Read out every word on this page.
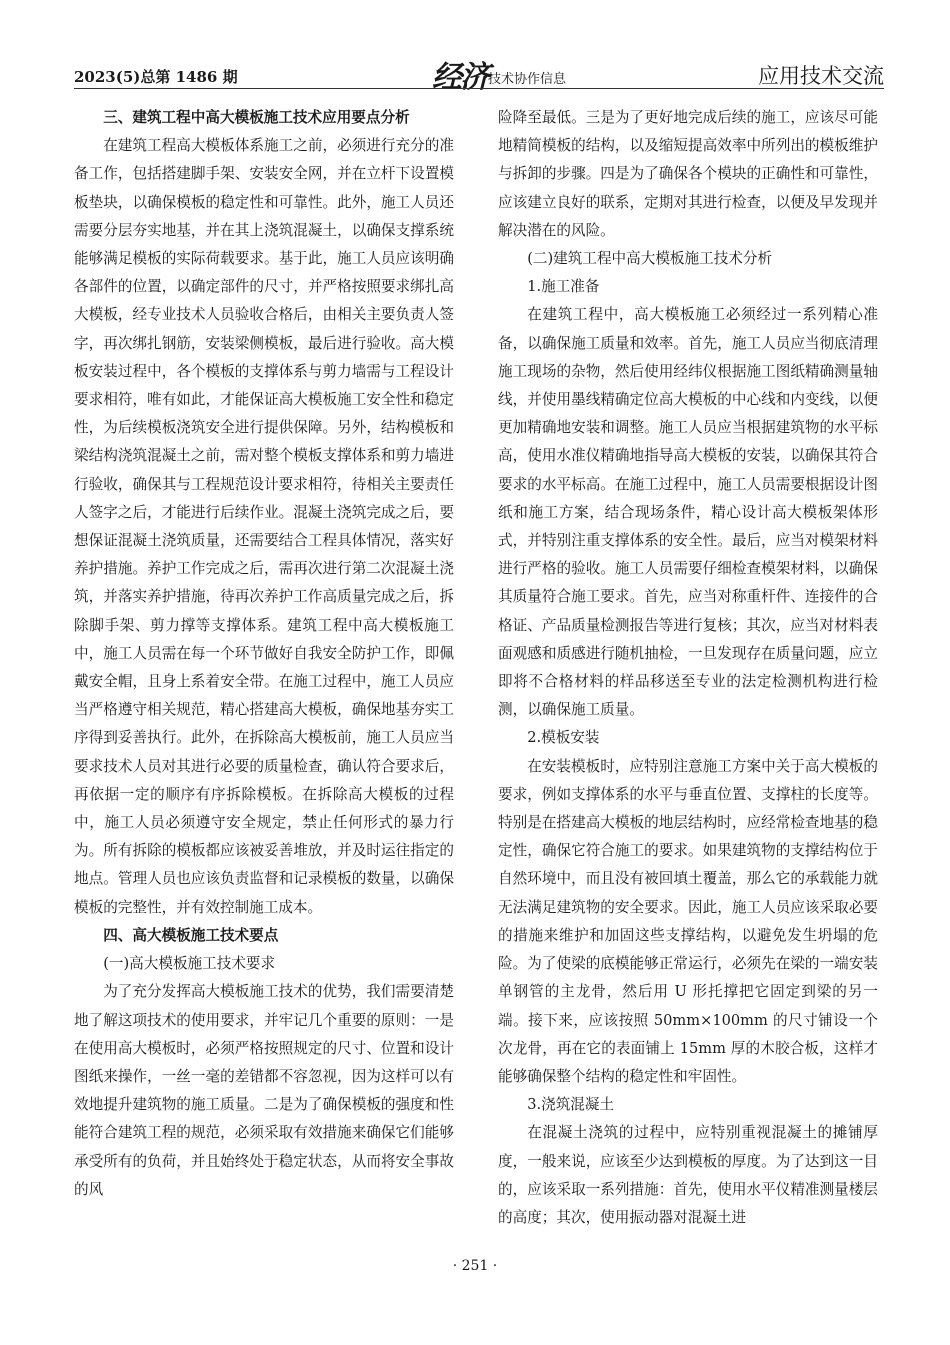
2023(5)总第 1486 期	经济 技术协作信息	应用技术交流
三、建筑工程中高大模板施工技术应用要点分析

在建筑工程高大模板体系施工之前，必须进行充分的准备工作，包括搭建脚手架、安装安全网，并在立杆下设置模板垫块，以确保模板的稳定性和可靠性。此外，施工人员还需要分层夯实地基，并在其上浇筑混凝土，以确保支撑系统能够满足模板的实际荷载要求。基于此，施工人员应该明确各部件的位置，以确定部件的尺寸，并严格按照要求绑扎高大模板，经专业技术人员验收合格后，由相关主要负责人签字，再次绑扎钢筋，安装梁侧模板，最后进行验收。高大模板安装过程中，各个模板的支撑体系与剪力墙需与工程设计要求相符，唯有如此，才能保证高大模板施工安全性和稳定性，为后续模板浇筑安全进行提供保障。另外，结构模板和梁结构浇筑混凝土之前，需对整个模板支撑体系和剪力墙进行验收，确保其与工程规范设计要求相符，待相关主要责任人签字之后，才能进行后续作业。混凝土浇筑完成之后，要想保证混凝土浇筑质量，还需要结合工程具体情况，落实好养护措施。养护工作完成之后，需再次进行第二次混凝土浇筑，并落实养护措施，待再次养护工作高质量完成之后，拆除脚手架、剪力撑等支撑体系。建筑工程中高大模板施工中，施工人员需在每一个环节做好自我安全防护工作，即佩戴安全帽，且身上系着安全带。在施工过程中，施工人员应当严格遵守相关规范，精心搭建高大模板，确保地基夯实工序得到妥善执行。此外，在拆除高大模板前，施工人员应当要求技术人员对其进行必要的质量检查，确认符合要求后，再依据一定的顺序有序拆除模板。在拆除高大模板的过程中，施工人员必须遵守安全规定，禁止任何形式的暴力行为。所有拆除的模板都应该被妥善堆放，并及时运往指定的地点。管理人员也应该负责监督和记录模板的数量，以确保模板的完整性，并有效控制施工成本。

四、高大模板施工技术要点
(一)高大模板施工技术要求

为了充分发挥高大模板施工技术的优势，我们需要清楚地了解这项技术的使用要求，并牢记几个重要的原则：一是在使用高大模板时，必须严格按照规定的尺寸、位置和设计图纸来操作，一丝一毫的差错都不容忽视，因为这样可以有效地提升建筑物的施工质量。二是为了确保模板的强度和性能符合建筑工程的规范，必须采取有效措施来确保它们能够承受所有的负荷，并且始终处于稳定状态，从而将安全事故的风

险降至最低。三是为了更好地完成后续的施工，应该尽可能地精简模板的结构，以及缩短提高效率中所列出的模板维护与拆卸的步骤。四是为了确保各个模块的正确性和可靠性，应该建立良好的联系，定期对其进行检查，以便及早发现并解决潜在的风险。

(二)建筑工程中高大模板施工技术分析
1.施工准备

在建筑工程中，高大模板施工必须经过一系列精心准备，以确保施工质量和效率。首先，施工人员应当彻底清理施工现场的杂物，然后使用经纬仪根据施工图纸精确测量轴线，并使用墨线精确定位高大模板的中心线和内变线，以便更加精确地安装和调整。施工人员应当根据建筑物的水平标高，使用水准仪精确地指导高大模板的安装，以确保其符合要求的水平标高。在施工过程中，施工人员需要根据设计图纸和施工方案，结合现场条件，精心设计高大模板架体形式，并特别注重支撑体系的安全性。最后，应当对模架材料进行严格的验收。施工人员需要仔细检查模架材料，以确保其质量符合施工要求。首先，应当对称重杆件、连接件的合格证、产品质量检测报告等进行复核；其次，应当对材料表面观感和质感进行随机抽检，一旦发现存在质量问题，应立即将不合格材料的样品移送至专业的法定检测机构进行检测，以确保施工质量。

2.模板安装

在安装模板时，应特别注意施工方案中关于高大模板的要求，例如支撑体系的水平与垂直位置、支撑柱的长度等。特别是在搭建高大模板的地层结构时，应经常检查地基的稳定性，确保它符合施工的要求。如果建筑物的支撑结构位于自然环境中，而且没有被回填土覆盖，那么它的承载能力就无法满足建筑物的安全要求。因此，施工人员应该采取必要的措施来维护和加固这些支撑结构，以避免发生坍塌的危险。为了使梁的底模能够正常运行，必须先在梁的一端安装单钢管的主龙骨，然后用 U 形托撑把它固定到梁的另一端。接下来，应该按照 50mm×100mm 的尺寸铺设一个次龙骨，再在它的表面铺上 15mm 厚的木胶合板，这样才能够确保整个结构的稳定性和牢固性。

3.浇筑混凝土

在混凝土浇筑的过程中，应特别重视混凝土的摊铺厚度，一般来说，应该至少达到模板的厚度。为了达到这一目的，应该采取一系列措施：首先，使用水平仪精准测量楼层的高度；其次，使用振动器对混凝土进

· 251 ·
